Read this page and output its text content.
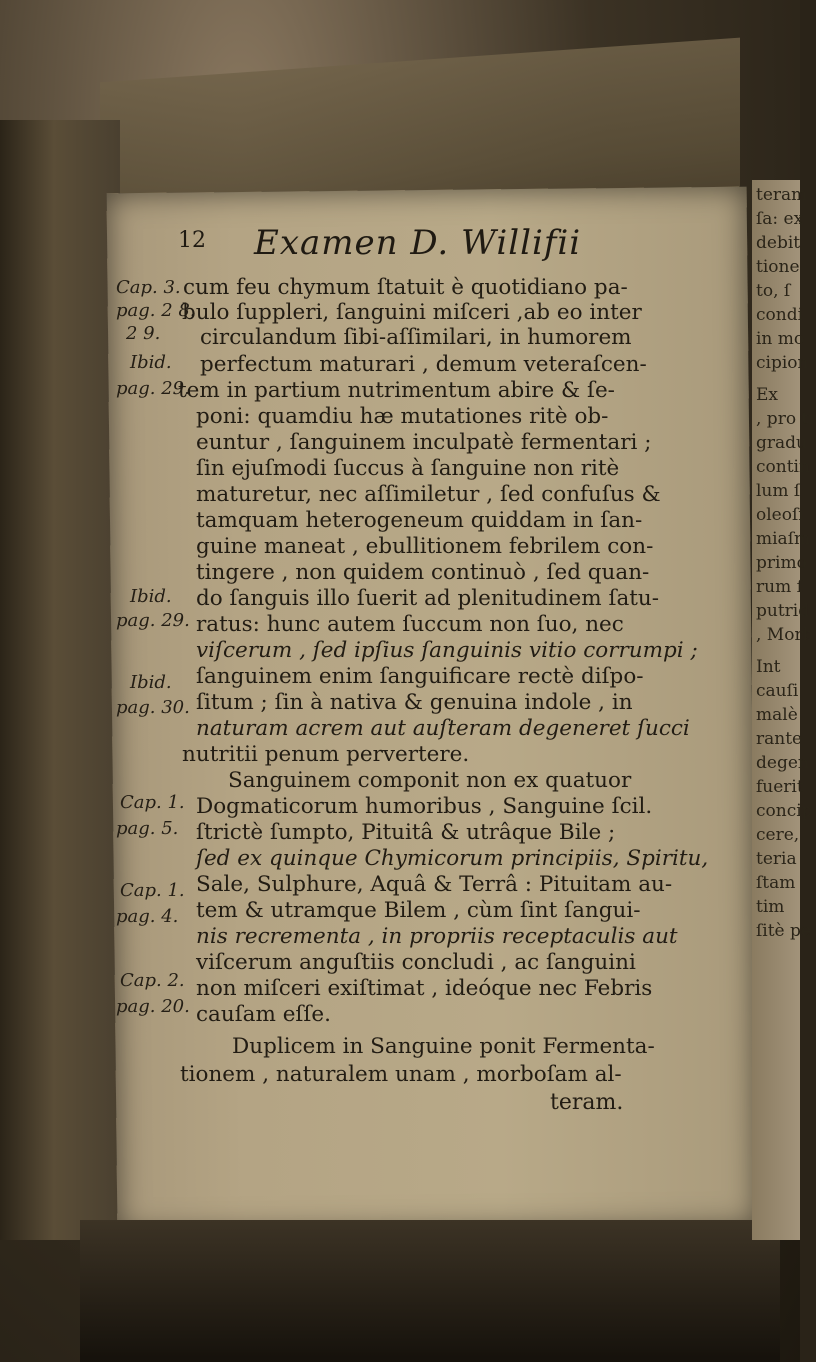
teram
ſa: ex
debit
tione
to, ſ
condi
in mo
cipion
Ex
, pro tr
gradu
contin
lum ſ
oleoſi
miaſm
primo
rum ſ
putrid
, Morb
Int
cauſi
malè
rante
degen
fuerit
concip
cere,
teria
ſtam
tim
ſitè pe
12 Examen D. Willifii
Cap. 3.
pag. 2 8.
2 9.
Ibid.
pag. 29.
Ibid.
pag. 29.
Ibid.
pag. 30.
Cap. 1.
pag. 5.
Cap. 1.
pag. 4.
Cap. 2.
pag. 20.
cum feu chymum ſtatuit è quotidiano pa-
bulo ſuppleri, ſanguini miſceri ,ab eo inter
circulandum ſibi-aſſimilari, in humorem
perfectum maturari , demum veteraſcen-
tem in partium nutrimentum abire & ſe-
poni: quamdiu hæ mutationes ritè ob-
euntur , ſanguinem inculpatè fermentari ;
ſin ejuſmodi ſuccus à ſanguine non ritè
maturetur, nec aſſimiletur , ſed confuſus &
tamquam heterogeneum quiddam in ſan-
guine maneat , ebullitionem febrilem con-
tingere , non quidem continuò , ſed quan-
do ſanguis illo ſuerit ad plenitudinem ſatu-
ratus: hunc autem ſuccum non ſuo, nec
viſcerum , ſed ipſius ſanguinis vitio corrumpi ;
ſanguinem enim ſanguificare rectè diſpo-
ſitum ; ſin à nativa & genuina indole , in
naturam acrem aut auſteram degeneret ſucci
nutritii penum pervertere.
Sanguinem componit non ex quatuor
Dogmaticorum humoribus , Sanguine ſcil.
ſtrictè ſumpto, Pituitâ & utrâque Bile ;
ſed ex quinque Chymicorum principiis, Spiritu,
Sale, Sulphure, Aquâ & Terrâ : Pituitam au-
tem & utramque Bilem , cùm ſint ſangui-
nis recrementa , in propriis receptaculis aut
viſcerum anguſtiis concludi , ac ſanguini
non miſceri exiſtimat , ideóque nec Febris
cauſam eſſe.
Duplicem in Sanguine ponit Fermenta-
tionem , naturalem unam , morboſam al-
teram.
